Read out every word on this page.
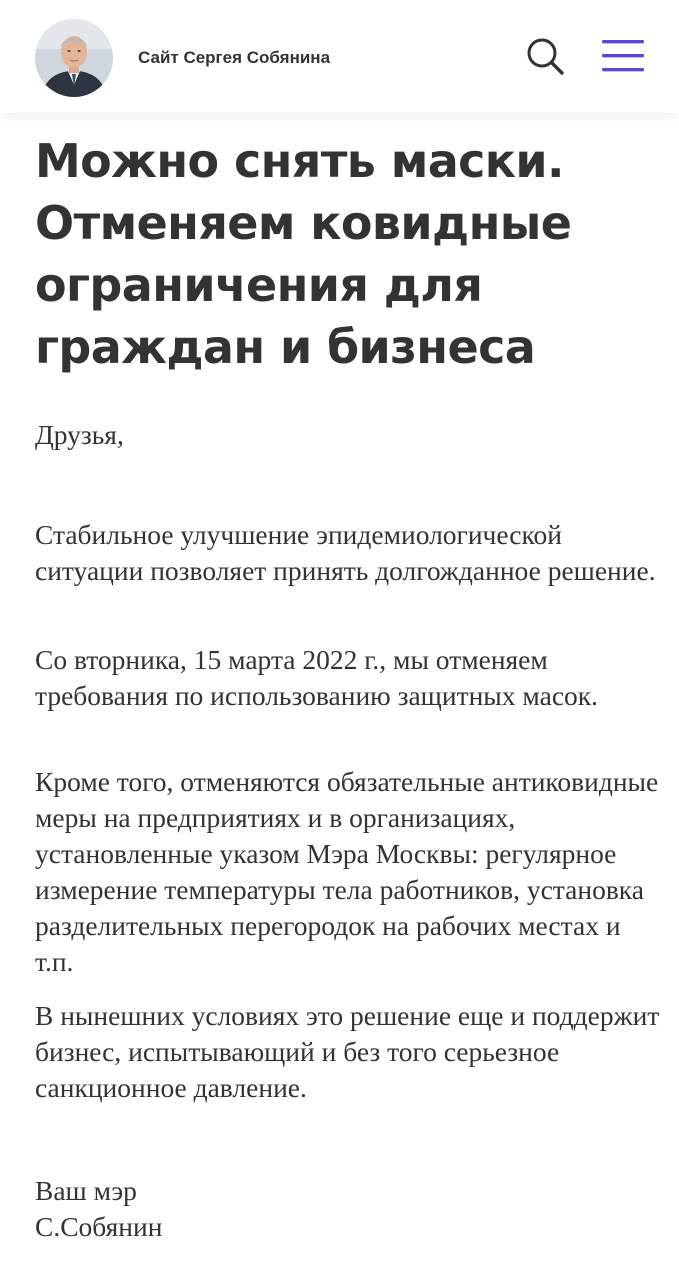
Сайт Сергея Собянина
Можно снять маски. Отменяем ковидные ограничения для граждан и бизнеса

Друзья,

Стабильное улучшение эпидемиологической ситуации позволяет принять долгожданное решение.

Со вторника, 15 марта 2022 г., мы отменяем требования по использованию защитных масок.

Кроме того, отменяются обязательные антиковидные меры на предприятиях и в организациях, установленные указом Мэра Москвы: регулярное измерение температуры тела работников, установка разделительных перегородок на рабочих местах и т.п.

В нынешних условиях это решение еще и поддержит бизнес, испытывающий и без того серьезное санкционное давление.

Ваш мэр

С.Собянин
